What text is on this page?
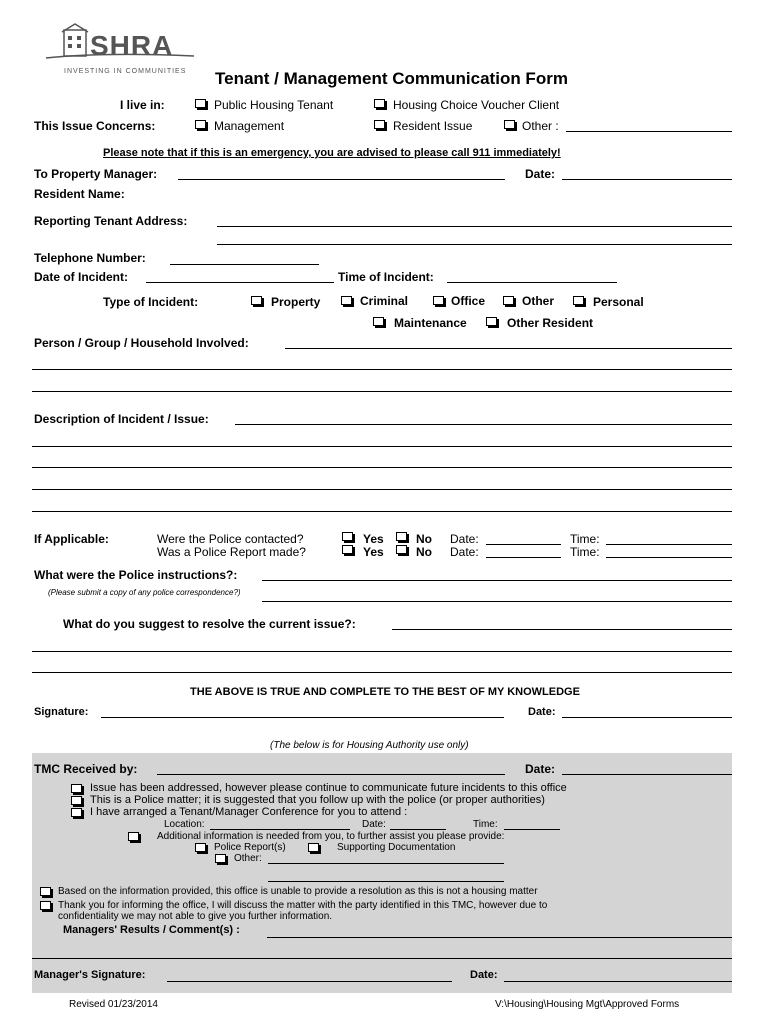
SHRA
INVESTING IN COMMUNITIES Tenant / Management Communication Form
I live in:	Public Housing Tenant	Housing Choice Voucher Client
This Issue Concerns:	Management	Resident Issue	Other :
Please note that if this is an emergency, you are advised to please call 911 immediately!
To Property Manager:	Date:
Resident Name:
Reporting Tenant Address:
Telephone Number:
Date of Incident:	Time of Incident:
Type of Incident:	Property	Criminal	Office	Other	Personal
Maintenance	Other Resident
Person / Group / Household Involved:
Description of Incident / Issue:
If Applicable:	Were the Police contacted?	Yes	No Date:	Time:
Was a Police Report made?	Yes	No Date:	Time:
What were the Police instructions?:
(Please submit a copy of any police correspondence?)
What do you suggest to resolve the current issue?:
THE ABOVE IS TRUE AND COMPLETE TO THE BEST OF MY KNOWLEDGE
Signature:	Date:
(The below is for Housing Authority use only)
TMC Received by:	Date:
Issue has been addressed, however please continue to communicate future incidents to this office
This is a Police matter; it is suggested that you follow up with the police (or proper authorities)
I have arranged a Tenant/Manager Conference for you to attend :
Location:	Date:	Time:
Additional information is needed from you, to further assist you please provide:
Police Report(s)	Supporting Documentation
Other:
Based on the information provided, this office is unable to provide a resolution as this is not a housing matter
Thank you for informing the office, I will discuss the matter with the party identified in this TMC, however due to
confidentiality we may not able to give you further information.
Managers' Results / Comment(s) :
Manager's Signature:	Date:
Revised 01/23/2014	V:\Housing\Housing Mgt\Approved Forms
